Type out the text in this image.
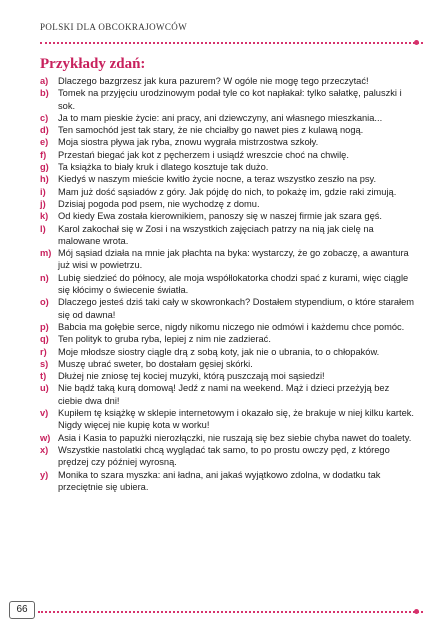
POLSKI DLA OBCOKRAJOWCÓW
Przykłady zdań:

a) Dlaczego bazgrzesz jak kura pazurem? W ogóle nie mogę tego przeczytać!

b) Tomek na przyjęciu urodzinowym podał tyle co kot napłakał: tylko sałatkę, paluszki i sok.

c) Ja to mam pieskie życie: ani pracy, ani dziewczyny, ani własnego mieszkania...

d) Ten samochód jest tak stary, że nie chciałby go nawet pies z kulawą nogą.

e) Moja siostra pływa jak ryba, znowu wygrała mistrzostwa szkoły.

f) Przestań biegać jak kot z pęcherzem i usiądź wreszcie choć na chwilę.

g) Ta książka to biały kruk i dlatego kosztuje tak dużo.

h) Kiedyś w naszym mieście kwitło życie nocne, a teraz wszystko zeszło na psy.

i) Mam już dość sąsiadów z góry. Jak pójdę do nich, to pokażę im, gdzie raki zimują.

j) Dzisiaj pogoda pod psem, nie wychodzę z domu.

k) Od kiedy Ewa została kierownikiem, panoszy się w naszej firmie jak szara gęś.

l) Karol zakochał się w Zosi i na wszystkich zajęciach patrzy na nią jak cielę na malowane wrota.

m) Mój sąsiad działa na mnie jak płachta na byka: wystarczy, że go zobaczę, a awantura już wisi w powietrzu.

n) Lubię siedzieć do północy, ale moja współlokatorka chodzi spać z kurami, więc ciągle się kłócimy o świecenie światła.

o) Dlaczego jesteś dziś taki cały w skowronkach? Dostałem stypendium, o które starałem się od dawna!

p) Babcia ma gołębie serce, nigdy nikomu niczego nie odmówi i każdemu chce pomóc.

q) Ten polityk to gruba ryba, lepiej z nim nie zadzierać.

r) Moje młodsze siostry ciągle drą z sobą koty, jak nie o ubrania, to o chłopaków.

s) Muszę ubrać sweter, bo dostałam gęsiej skórki.

t) Dłużej nie zniosę tej kociej muzyki, którą puszczają moi sąsiedzi!

u) Nie bądź taką kurą domową! Jedź z nami na weekend. Mąż i dzieci przeżyją bez ciebie dwa dni!

v) Kupiłem tę książkę w sklepie internetowym i okazało się, że brakuje w niej kilku kartek. Nigdy więcej nie kupię kota w worku!

w) Asia i Kasia to papużki nierozłączki, nie ruszają się bez siebie chyba nawet do toalety.

x) Wszystkie nastolatki chcą wyglądać tak samo, to po prostu owczy pęd, z którego prędzej czy później wyrosną.

y) Monika to szara myszka: ani ładna, ani jakaś wyjątkowo zdolna, w dodatku tak przeciętnie się ubiera.

66
